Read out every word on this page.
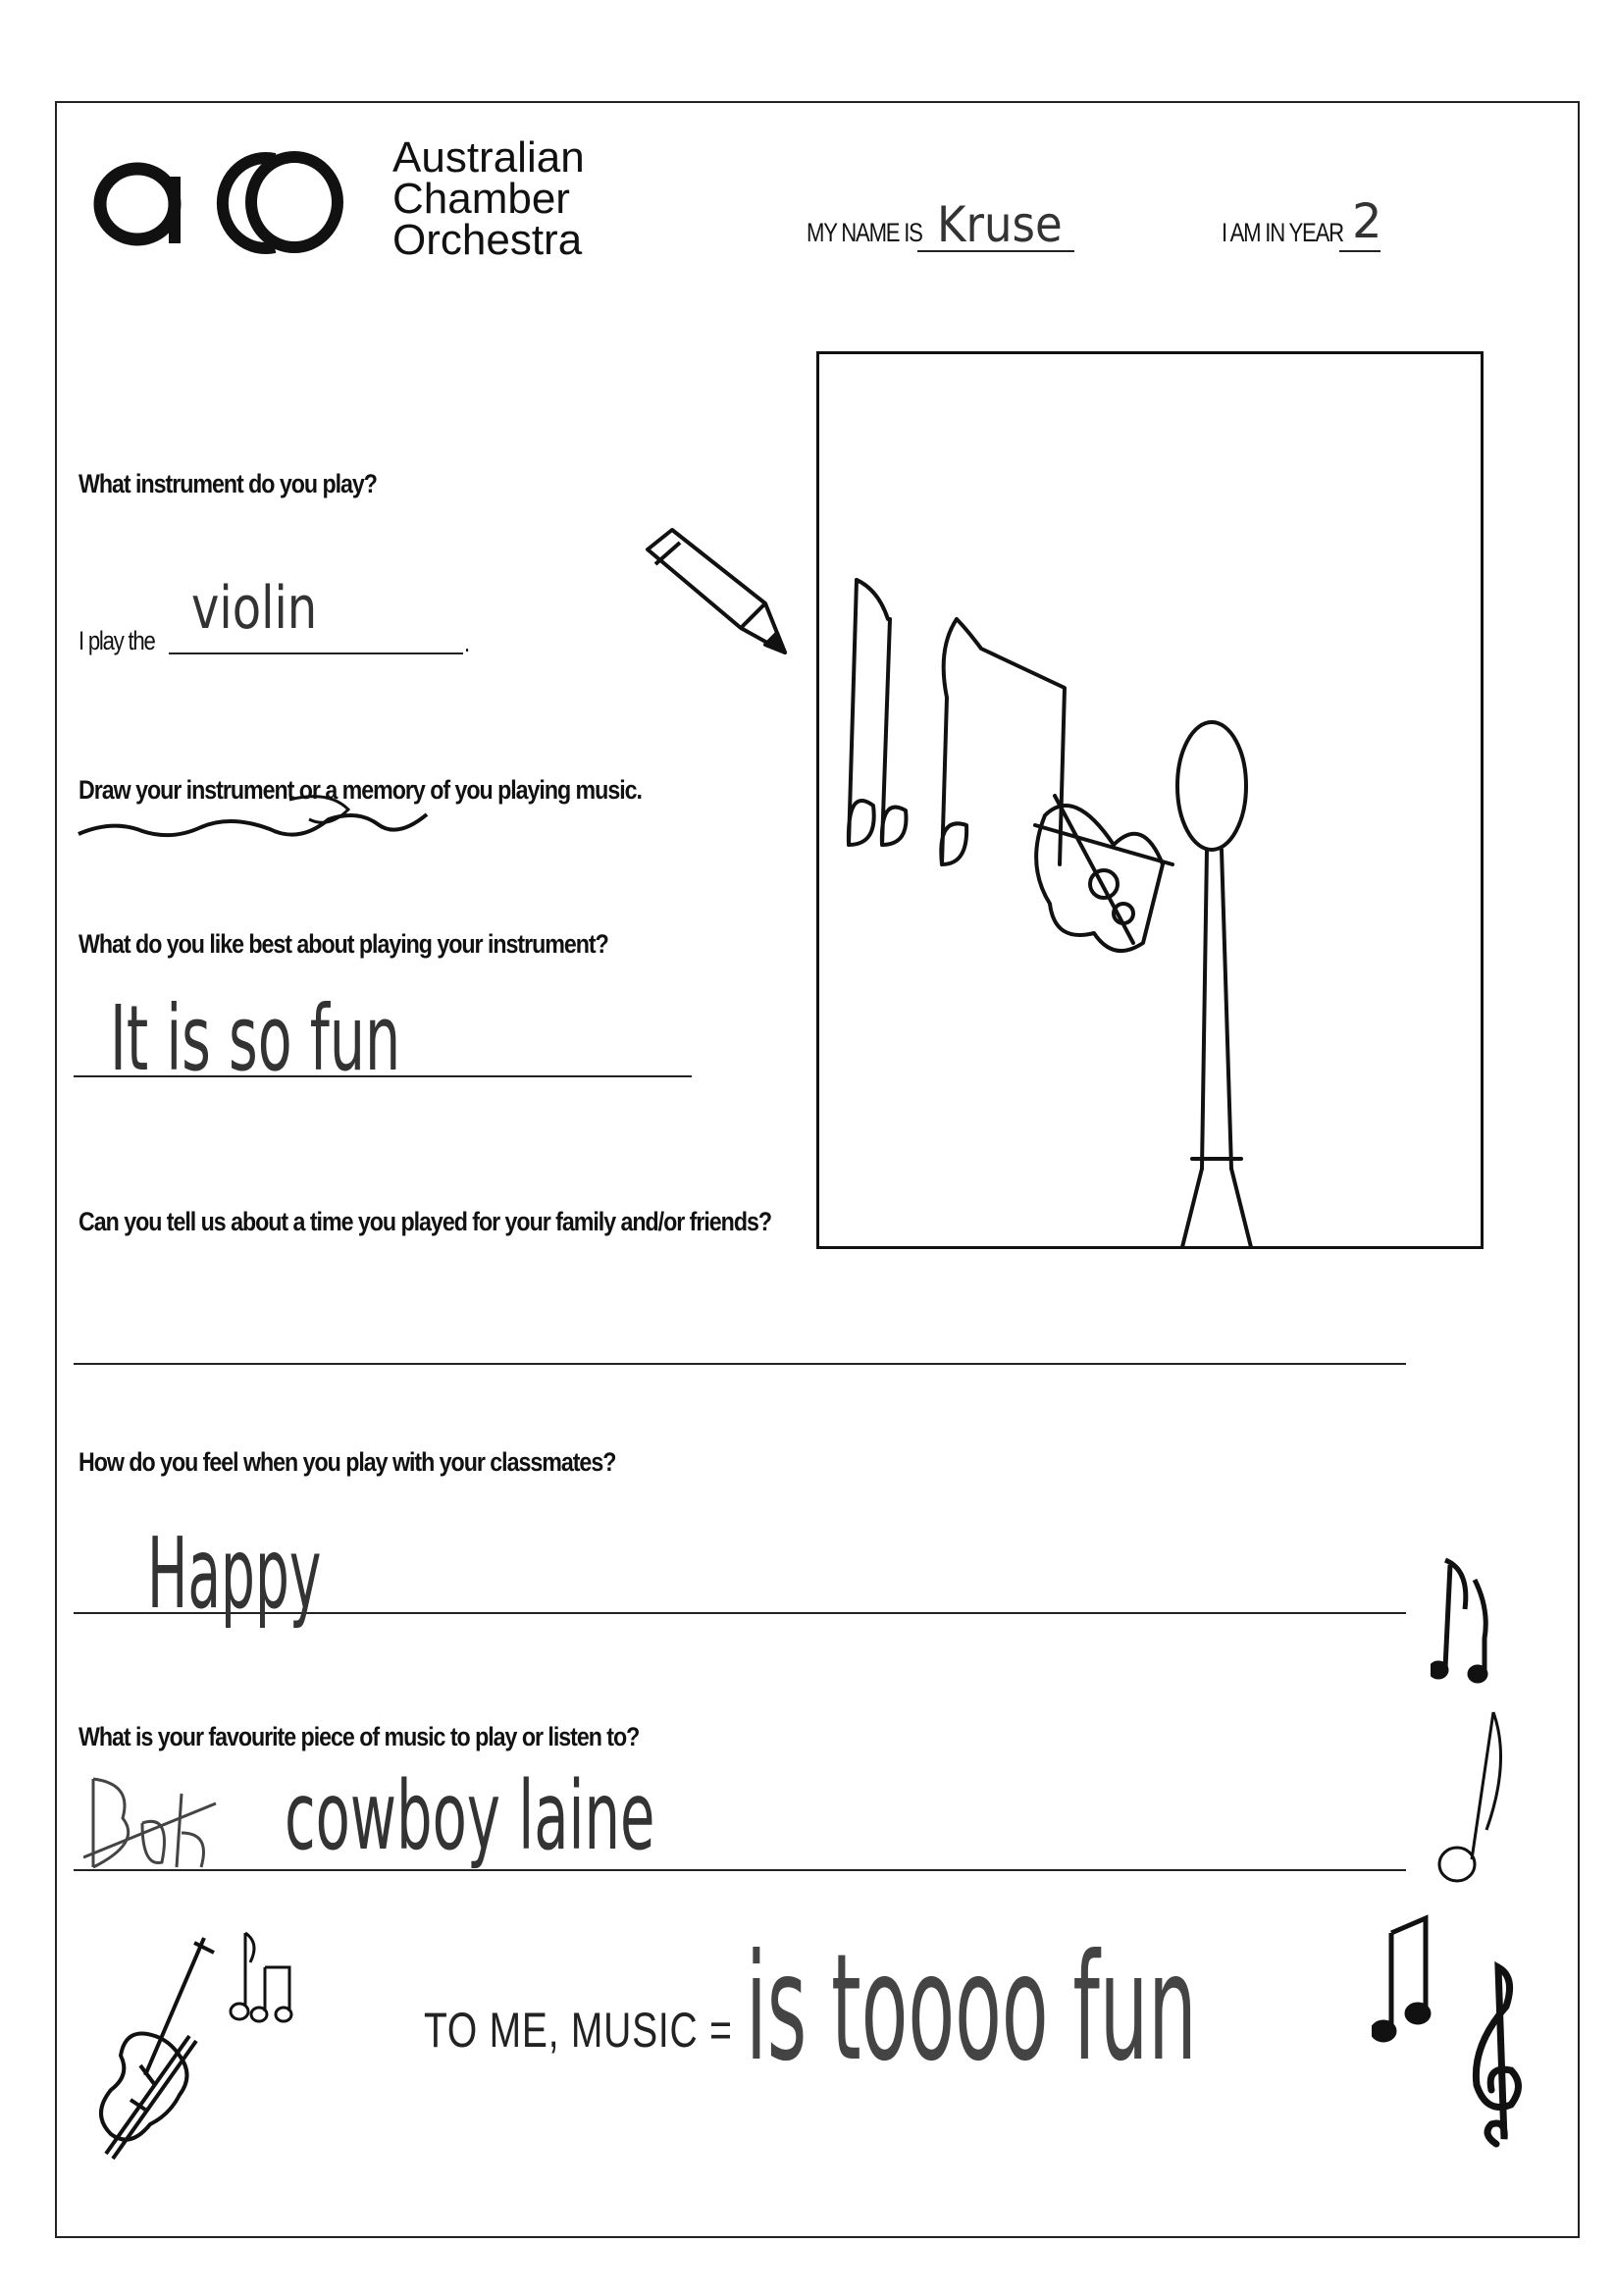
Australian
Chamber
Orchestra	MY NAME IS Kruse	I AM IN YEAR 2
What instrument do you play?
I play the	.
violin
Draw your instrument or a memory of you playing music.
What do you like best about playing your instrument?
It is so fun
Can you tell us about a time you played for your family and/or friends?
How do you feel when you play with your classmates?
Happy
What is your favourite piece of music to play or listen to?
cowboy laine
TO ME, MUSIC = is toooo fun
